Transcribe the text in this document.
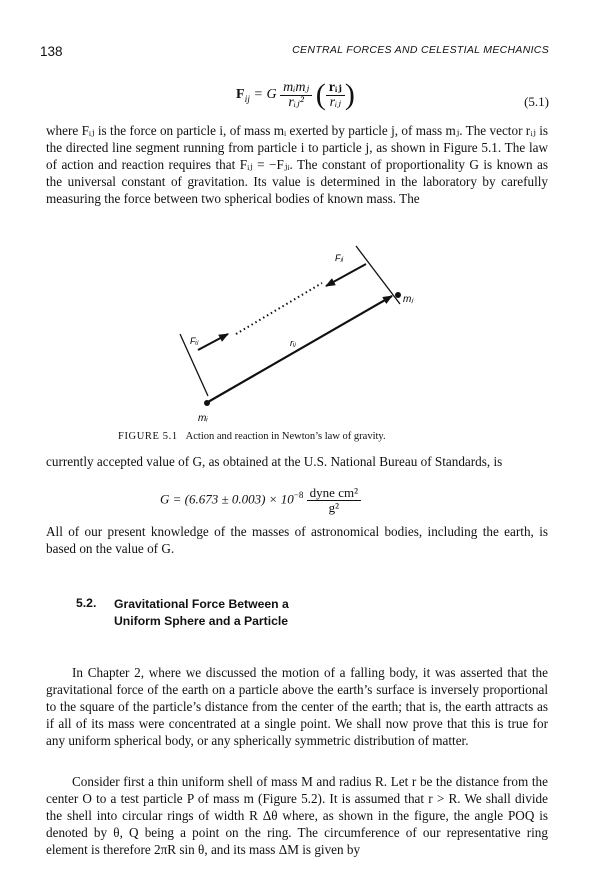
138	CENTRAL FORCES AND CELESTIAL MECHANICS
$F_{ij} = G \frac{\text{mᵢmⱼ}}{\text{rᵢⱼ²}}$ ( $\frac{\text{rᵢⱼ}}{\text{rᵢⱼ}}$ )	(5.1)

where Fᵢⱼ is the force on particle i, of mass mᵢ exerted by particle j, of mass mⱼ. The vector rᵢⱼ is the directed line segment running from particle i to particle j, as shown in Figure 5.1. The law of action and reaction requires that Fᵢⱼ = −Fⱼᵢ. The constant of proportionality G is known as the universal constant of gravitation. Its value is determined in the laboratory by carefully measuring the force between two spherical bodies of known mass. The

Fⱼᵢ
mⱼ
Fᵢⱼ	rᵢⱼ
mᵢ
FIGURE 5.1 Action and reaction in Newton’s law of gravity.

currently accepted value of G, as obtained at the U.S. National Bureau of Standards, is

$G = (6.673 \pm 0.003) \times 10^{-8} \frac{\text{dyne cm²}}{\text{g²}}$

All of our present knowledge of the masses of astronomical bodies, including the earth, is based on the value of G.

5.2. Gravitational Force Between a
Uniform Sphere and a Particle

In Chapter 2, where we discussed the motion of a falling body, it was asserted that the gravitational force of the earth on a particle above the earth’s surface is inversely proportional to the square of the particle’s distance from the center of the earth; that is, the earth attracts as if all of its mass were concentrated at a single point. We shall now prove that this is true for any uniform spherical body, or any spherically symmetric distribution of matter.

Consider first a thin uniform shell of mass M and radius R. Let r be the distance from the center O to a test particle P of mass m (Figure 5.2). It is assumed that r > R. We shall divide the shell into circular rings of width R Δθ where, as shown in the figure, the angle POQ is denoted by θ, Q being a point on the ring. The circumference of our representative ring element is therefore 2πR sin θ, and its mass ΔM is given by
